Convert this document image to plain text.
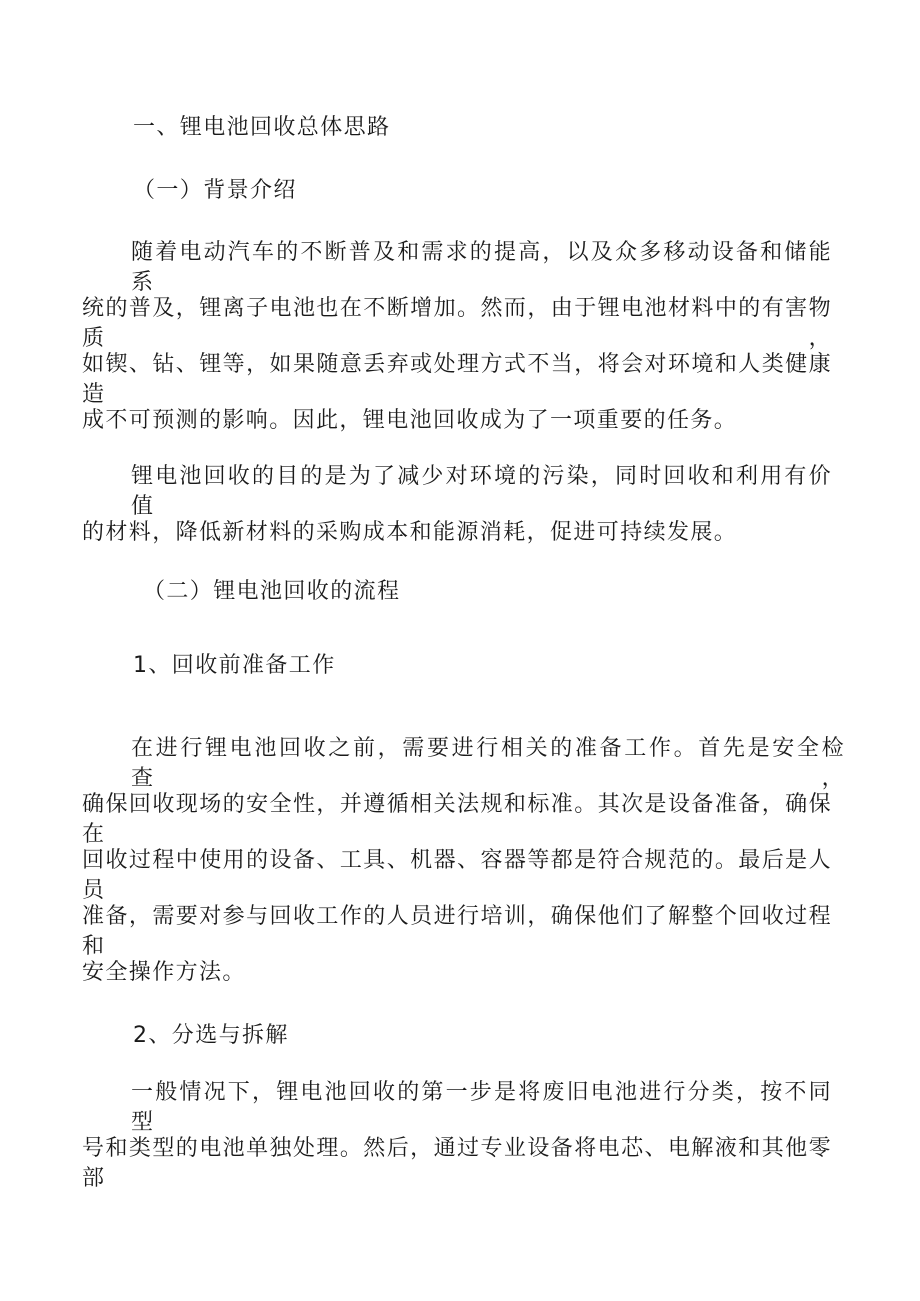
一、锂电池回收总体思路

（一）背景介绍

随着电动汽车的不断普及和需求的提高，以及众多移动设备和储能系

统的普及，锂离子电池也在不断增加。然而，由于锂电池材料中的有害物质，

如锲、钻、锂等，如果随意丢弃或处理方式不当，将会对环境和人类健康造

成不可预测的影响。因此，锂电池回收成为了一项重要的任务。

锂电池回收的目的是为了减少对环境的污染，同时回收和利用有价值

的材料，降低新材料的采购成本和能源消耗，促进可持续发展。

（二）锂电池回收的流程

1、回收前准备工作

在进行锂电池回收之前，需要进行相关的准备工作。首先是安全检查，

确保回收现场的安全性，并遵循相关法规和标准。其次是设备准备，确保在

回收过程中使用的设备、工具、机器、容器等都是符合规范的。最后是人员

准备，需要对参与回收工作的人员进行培训，确保他们了解整个回收过程和

安全操作方法。

2、分选与拆解

一般情况下，锂电池回收的第一步是将废旧电池进行分类，按不同型

号和类型的电池单独处理。然后，通过专业设备将电芯、电解液和其他零部
